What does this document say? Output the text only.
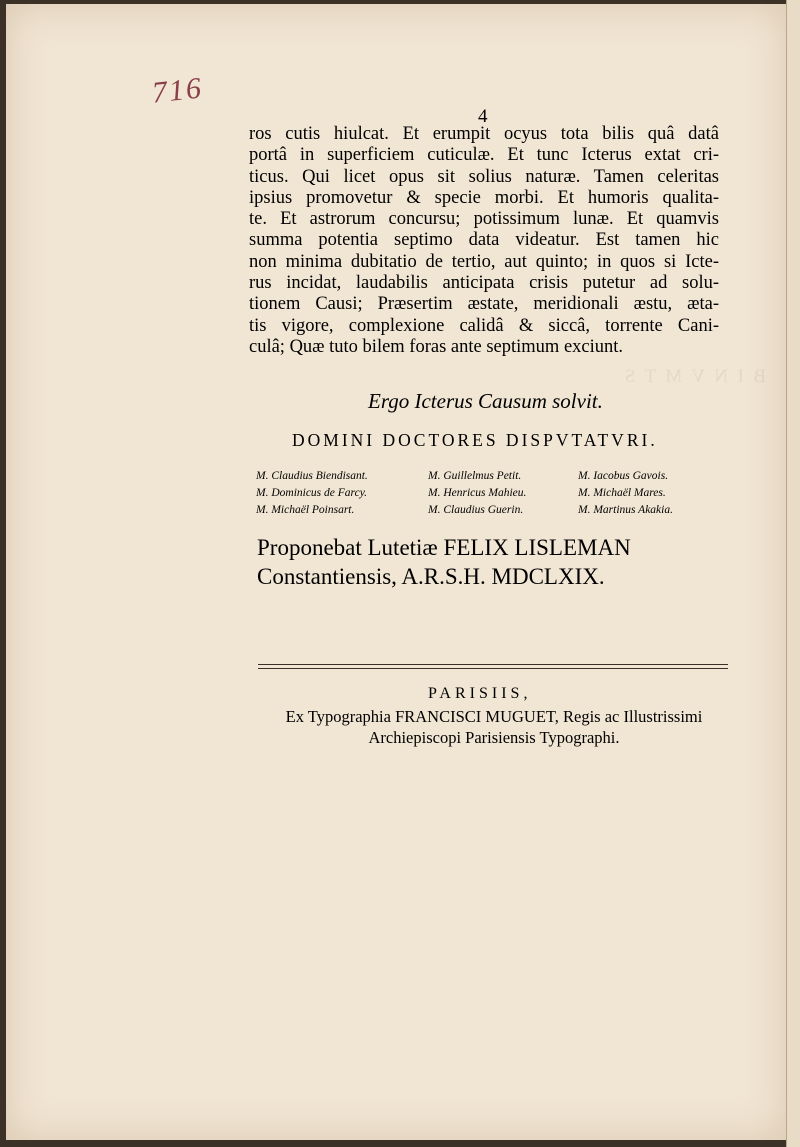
B  I  N  V  M  T  S

716
4
ros cutis hiulcat. Et erumpit ocyus tota bilis quâ datâ
portâ in superficiem cuticulæ. Et tunc Icterus extat cri-
ticus. Qui licet opus sit solius naturæ. Tamen celeritas
ipsius promovetur & specie morbi. Et humoris qualita-
te. Et astrorum concursu; potissimum lunæ. Et quamvis
summa potentia septimo data videatur. Est tamen hic
non minima dubitatio de tertio, aut quinto; in quos si Icte-
rus incidat, laudabilis anticipata crisis putetur ad solu-
tionem Causi; Præsertim æstate, meridionali æstu, æta-
tis vigore, complexione calidâ & siccâ, torrente Cani-
culâ; Quæ tuto bilem foras ante septimum exciunt.
Ergo Icterus Causum solvit.
DOMINI DOCTORES DISPVTATVRI.
M. Claudius Biendisant.	M. Guillelmus Petit.	M. Iacobus Gavois.
M. Dominicus de Farcy.	M. Henricus Mahieu.	M. Michaël Mares.
M. Michaël Poinsart.	M. Claudius Guerin.	M. Martinus Akakia.
Proponebat Lutetiæ FELIX LISLEMAN
Constantiensis, A.R.S.H. MDCLXIX.
PARISIIS,
Ex Typographia FRANCISCI MUGUET, Regis ac Illustrissimi
Archiepiscopi Parisiensis Typographi.
